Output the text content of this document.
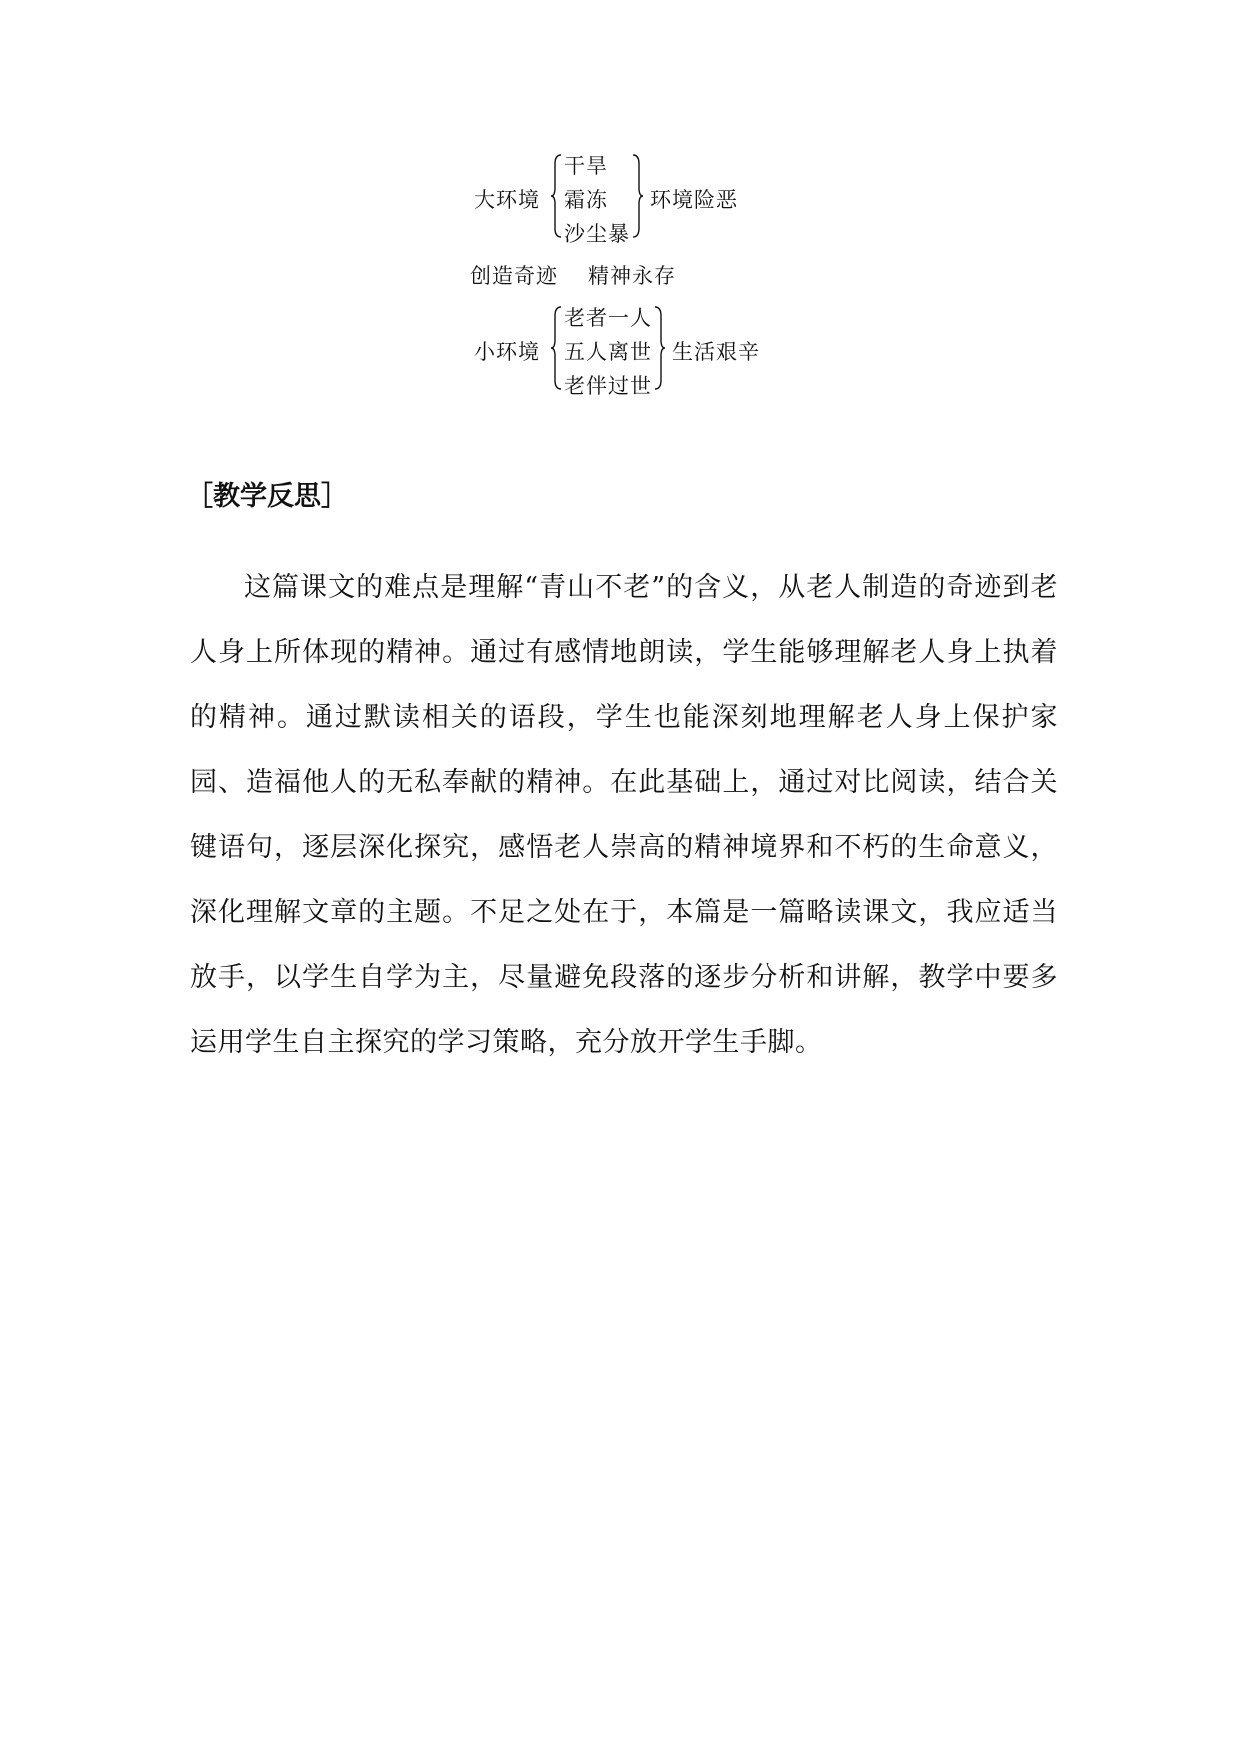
大环境
干旱
霜冻
沙尘暴
环境险恶
创造奇迹 精神永存
小环境
老者一人
五人离世
老伴过世
生活艰辛
［教学反思］

这篇课文的难点是理解“青山不老”的含义，从老人制造的奇迹到老人身上所体现的精神。通过有感情地朗读，学生能够理解老人身上执着的精神。通过默读相关的语段，学生也能深刻地理解老人身上保护家园、造福他人的无私奉献的精神。在此基础上，通过对比阅读，结合关键语句，逐层深化探究，感悟老人崇高的精神境界和不朽的生命意义，深化理解文章的主题。不足之处在于，本篇是一篇略读课文，我应适当放手，以学生自学为主，尽量避免段落的逐步分析和讲解，教学中要多运用学生自主探究的学习策略，充分放开学生手脚。
